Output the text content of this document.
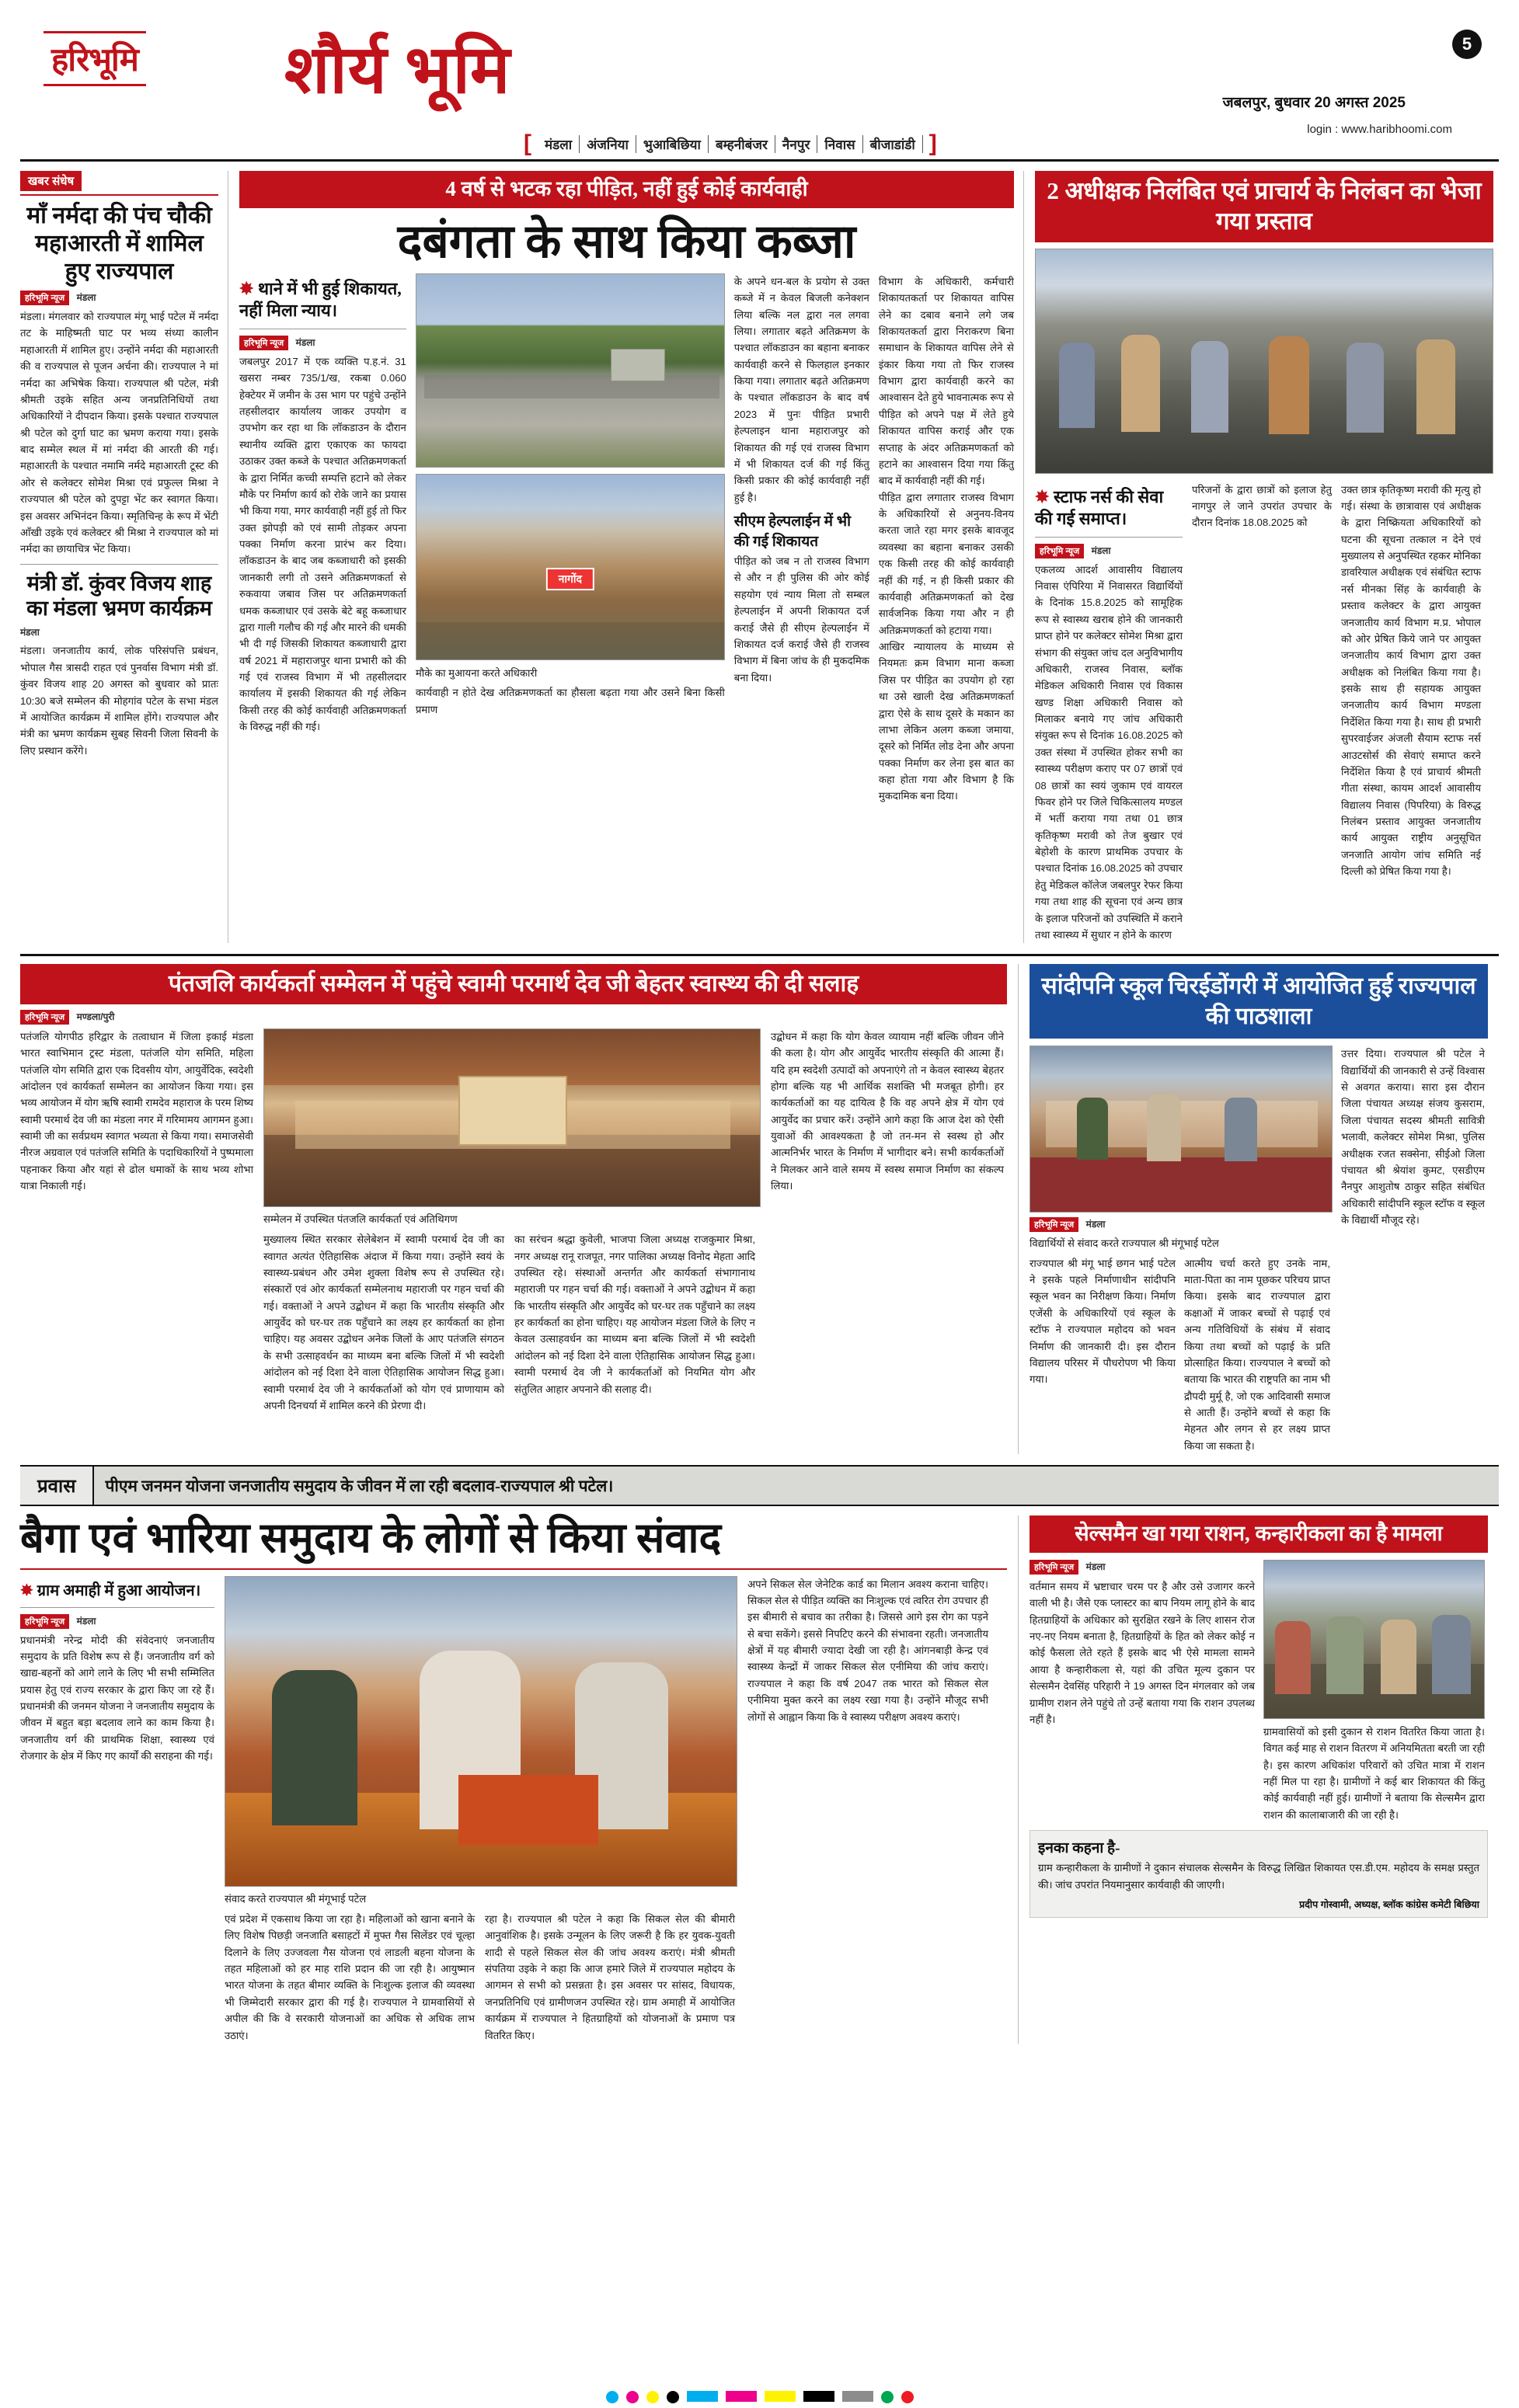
हरिभूमि शौर्य भूमि
[	मंडला	अंजनिया	भुआबिछिया	बम्हनीबंजर	नैनपुर	निवास	बीजाडांडी ]
जबलपुर, बुधवार 20 अगस्त 2025
login : www.haribhoomi.com
5
खबर संधेष
माँ नर्मदा की पंच चौकी महाआरती में शामिल हुए राज्यपाल
हरिभूमि न्यूज मंडला
मंडला। मंगलवार को राज्यपाल मंगू भाई पटेल में नर्मदा तट के माहिष्मती घाट पर भव्य संध्या कालीन महाआरती में शामिल हुए। उन्होंने नर्मदा की महाआरती की व राज्यपाल से पूजन अर्चना की। राज्यपाल ने मां नर्मदा का अभिषेक किया। राज्यपाल श्री पटेल, मंत्री श्रीमती उइके सहित अन्य जनप्रतिनिधियों तथा अधिकारियों ने दीपदान किया। इसके पश्चात राज्यपाल श्री पटेल को दुर्गा घाट का भ्रमण कराया गया। इसके बाद सम्मेल स्थल में मां नर्मदा की आरती की गई। महाआरती के पश्चात नमामि नर्मदे महाआरती टूस्ट की ओर से कलेक्टर सोमेश मिश्रा एवं प्रफुल्ल मिश्रा ने राज्यपाल श्री पटेल को दुपट्टा भेंट कर स्वागत किया। इस अवसर अभिनंदन किया। स्मृतिचिन्ह के रूप में भेंटी आँखी उइके एवं कलेक्टर श्री मिश्रा ने राज्यपाल को मां नर्मदा का छायाचित्र भेंट किया।
मंत्री डॉ. कुंवर विजय शाह का मंडला भ्रमण कार्यक्रम
मंडला
मंडला। जनजातीय कार्य, लोक परिसंपत्ति प्रबंधन, भोपाल गैस त्रासदी राहत एवं पुनर्वास विभाग मंत्री डॉ. कुंवर विजय शाह 20 अगस्त को बुधवार को प्रातः 10:30 बजे सम्मेलन की मोहगांव पटेल के सभा मंडल में आयोजित कार्यक्रम में शामिल होंगे। राज्यपाल और मंत्री का भ्रमण कार्यक्रम सुबह सिवनी जिला सिवनी के लिए प्रस्थान करेंगे।
4 वर्ष से भटक रहा पीड़ित, नहीं हुई कोई कार्यवाही
दबंगता के साथ किया कब्जा
✸ थाने में भी हुई शिकायत, नहीं मिला न्याय।
हरिभूमि न्यूज मंडला
जबलपुर 2017 में एक व्यक्ति प.ह.नं. 31 खसरा नम्बर 735/1/ख, रकबा 0.060 हेक्टेयर में जमीन के उस भाग पर पहुंचे उन्होंने तहसीलदार कार्यालय जाकर उपयोग व उपभोग कर रहा था कि लॉकडाउन के दौरान स्थानीय व्यक्ति द्वारा एकाएक का फायदा उठाकर उक्त कब्जे के पश्चात अतिक्रमणकर्ता के द्वारा निर्मित कच्ची सम्पत्ति हटाने को लेकर मौके पर निर्माण कार्य को रोके जाने का प्रयास भी किया गया, मगर कार्यवाही नहीं हुई तो फिर उक्त झोपड़ी को एवं सामी तोड़कर अपना पक्का निर्माण करना प्रारंभ कर दिया। लॉकडाउन के बाद जब कब्जाधारी को इसकी जानकारी लगी तो उसने अतिक्रमणकर्ता से रुकवाया जबाव जिस पर अतिक्रमणकर्ता धमक कब्जाधार एवं उसके बेटे बहू कब्जाधार द्वारा गाली गलौच की गई और मारने की धमकी भी दी गई जिसकी शिकायत कब्जाधारी द्वारा वर्ष 2021 में महाराजपुर थाना प्रभारी को की गई एवं राजस्व विभाग में भी तहसीलदार कार्यालय में इसकी शिकायत की गई लेकिन किसी तरह की कोई कार्यवाही अतिक्रमणकर्ता के विरुद्ध नहीं की गई।
नागोंद
मौके का मुआयना करते अधिकारी
कार्यवाही न होते देख अतिक्रमणकर्ता का हौसला बढ़ता गया और उसने बिना किसी प्रमाण
के अपने धन-बल के प्रयोग से उक्त कब्जे में न केवल बिजली कनेक्शन लिया बल्कि नल द्वारा नल लगवा लिया। लगातार बढ़ते अतिक्रमण के पश्चात लॉकडाउन का बहाना बनाकर कार्यवाही करने से फिलहाल इनकार किया गया। लगातार बढ़ते अतिक्रमण के पश्चात लॉकडाउन के बाद वर्ष 2023 में पुनः पीड़ित प्रभारी हेल्पलाइन थाना महाराजपुर को शिकायत की गई एवं राजस्व विभाग में भी शिकायत दर्ज की गई किंतु किसी प्रकार की कोई कार्यवाही नहीं हुई है।
सीएम हेल्पलाईन में भी की गई शिकायत
पीड़ित को जब न तो राजस्व विभाग से और न ही पुलिस की ओर कोई सहयोग एवं न्याय मिला तो सम्बल हेल्पलाईन में अपनी शिकायत दर्ज कराई जैसे ही सीएम हेल्पलाईन में शिकायत दर्ज कराई जैसे ही राजस्व विभाग में बिना जांच के ही मुकदमिक बना दिया।
विभाग के अधिकारी, कर्मचारी शिकायतकर्ता पर शिकायत वापिस लेने का दबाव बनाने लगे जब शिकायतकर्ता द्वारा निराकरण बिना समाधान के शिकायत वापिस लेने से इंकार किया गया तो फिर राजस्व विभाग द्वारा कार्यवाही करने का आश्वासन देते हुये भावनात्मक रूप से पीड़ित को अपने पक्ष में लेते हुये शिकायत वापिस कराई और एक सप्ताह के अंदर अतिक्रमणकर्ता को हटाने का आश्वासन दिया गया किंतु बाद में कार्यवाही नहीं की गई।
पीड़ित द्वारा लगातार राजस्व विभाग के अधिकारियों से अनुनय-विनय करता जाते रहा मगर इसके बावजूद व्यवस्था का बहाना बनाकर उसकी एक किसी तरह की कोई कार्यवाही नहीं की गई, न ही किसी प्रकार की कार्यवाही अतिक्रमणकर्ता को देख सार्वजनिक किया गया और न ही अतिक्रमणकर्ता को हटाया गया।
आखिर न्यायालय के माध्यम से नियमतः क्रम विभाग माना कब्जा जिस पर पीड़ित का उपयोग हो रहा था उसे खाली देख अतिक्रमणकर्ता द्वारा ऐसे के साथ दूसरे के मकान का लाभा लेकिन अलग कब्जा जमाया, दूसरे को निर्मित लोड देना और अपना पक्का निर्माण कर लेना इस बात का कहा होता गया और विभाग है कि मुकदामिक बना दिया।
2 अधीक्षक निलंबित एवं प्राचार्य के निलंबन का भेजा गया प्रस्ताव
✸ स्टाफ नर्स की सेवा की गई समाप्त।
हरिभूमि न्यूज मंडला
एकलव्य आदर्श आवासीय विद्यालय निवास एंपिरिया में निवासरत विद्यार्थियों के दिनांक 15.8.2025 को सामूहिक रूप से स्वास्थ्य खराब होने की जानकारी प्राप्त होने पर कलेक्टर सोमेश मिश्रा द्वारा संभाग की संयुक्त जांच दल अनुविभागीय अधिकारी, राजस्व निवास, ब्लॉक मेडिकल अधिकारी निवास एवं विकास खण्ड शिक्षा अधिकारी निवास को मिलाकर बनाये गए जांच अधिकारी संयुक्त रूप से दिनांक 16.08.2025 को उक्त संस्था में उपस्थित होकर सभी का स्वास्थ्य परीक्षण कराए पर 07 छात्रों एवं 08 छात्रों का स्वयं जुकाम एवं वायरल फिवर होने पर जिले चिकित्सालय मण्डल में भर्ती कराया गया तथा 01 छात्र कृतिकृष्ण मरावी को तेज बुखार एवं बेहोशी के कारण प्राथमिक उपचार के पश्चात दिनांक 16.08.2025 को उपचार हेतु मेडिकल कॉलेज जबलपुर रेफर किया गया तथा शाह की सूचना एवं अन्य छात्र के इलाज परिजनों को उपस्थिति में कराने तथा स्वास्थ्य में सुधार न होने के कारण
परिजनों के द्वारा छात्रों को इलाज हेतु नागपुर ले जाने उपरांत उपचार के दौरान दिनांक 18.08.2025 को
उक्त छात्र कृतिकृष्ण मरावी की मृत्यु हो गई। संस्था के छात्रावास एवं अधीक्षक के द्वारा निष्क्रियता अधिकारियों को घटना की सूचना तत्काल न देने एवं मुख्यालय से अनुपस्थित रहकर मोनिका डावरियाल अधीक्षक एवं संबंधित स्टाफ नर्स मीनका सिंह के कार्यवाही के प्रस्ताव कलेक्टर के द्वारा आयुक्त जनजातीय कार्य विभाग म.प्र. भोपाल को ओर प्रेषित किये जाने पर आयुक्त जनजातीय कार्य विभाग द्वारा उक्त अधीक्षक को निलंबित किया गया है। इसके साथ ही सहायक आयुक्त जनजातीय कार्य विभाग मण्डला निर्देशित किया गया है। साथ ही प्रभारी सुपरवाईजर अंजली सैयाम स्टाफ नर्स आउटसोर्स की सेवाएं समाप्त करने निर्देशित किया है एवं प्राचार्य श्रीमती गीता संस्था, कायम आदर्श आवासीय विद्यालय निवास (पिपरिया) के विरुद्ध निलंबन प्रस्ताव आयुक्त जनजातीय कार्य आयुक्त राष्ट्रीय अनुसूचित जनजाति आयोग जांच समिति नई दिल्ली को प्रेषित किया गया है।
पंतजलि कार्यकर्ता सम्मेलन में पहुंचे स्वामी परमार्थ देव जी बेहतर स्वास्थ्य की दी सलाह
हरिभूमि न्यूज मण्डला/पुरी
पतंजलि योगपीठ हरिद्वार के तत्वाधान में जिला इकाई मंडला भारत स्वाभिमान ट्रस्ट मंडला, पतंजलि योग समिति, महिला पतंजलि योग समिति द्वारा एक दिवसीय योग, आयुर्वेदिक, स्वदेशी आंदोलन एवं कार्यकर्ता सम्मेलन का आयोजन किया गया। इस भव्य आयोजन में योग ऋषि स्वामी रामदेव महाराज के परम शिष्य स्वामी परमार्थ देव जी का मंडला नगर में गरिमामय आगमन हुआ। स्वामी जी का सर्वप्रथम स्वागत भव्यता से किया गया। समाजसेवी नीरज अग्रवाल एवं पतंजलि समिति के पदाधिकारियों ने पुष्पमाला पहनाकर किया और यहां से ढोल धमाकों के साथ भव्य शोभा यात्रा निकाली गई।
सम्मेलन में उपस्थित पंतजलि कार्यकर्ता एवं अतिथिगण
मुख्यालय स्थित सरकार सेलेबेशन में स्वामी परमार्थ देव जी का स्वागत अत्यंत ऐतिहासिक अंदाज में किया गया। उन्होंने स्वयं के स्वास्थ्य-प्रबंधन और उमेश शुक्ला विशेष रूप से उपस्थित रहे। संस्कारों एवं ओर कार्यकर्ता सम्मेलनाथ महाराजी पर गहन चर्चा की गई। वक्ताओं ने अपने उद्बोधन में कहा कि भारतीय संस्कृति और आयुर्वेद को घर-घर तक पहुँचाने का लक्ष्य हर कार्यकर्ता का होना चाहिए। यह अवसर उद्बोधन अनेक जिलों के आए पतंजलि संगठन के सभी उत्साहवर्धन का माध्यम बना बल्कि जिलों में भी स्वदेशी आंदोलन को नई दिशा देने वाला ऐतिहासिक आयोजन सिद्ध हुआ। स्वामी परमार्थ देव जी ने कार्यकर्ताओं को योग एवं प्राणायाम को अपनी दिनचर्या में शामिल करने की प्रेरणा दी।
का सरंचन श्रद्धा कुवेली, भाजपा जिला अध्यक्ष राजकुमार मिश्रा, नगर अध्यक्ष रानू राजपूत, नगर पालिका अध्यक्ष विनोद मेहता आदि उपस्थित रहे। संस्थाओं अन्तर्गत और कार्यकर्ता संभागानाथ महाराजी पर गहन चर्चा की गई। वक्ताओं ने अपने उद्बोधन में कहा कि भारतीय संस्कृति और आयुर्वेद को घर-घर तक पहुँचाने का लक्ष्य हर कार्यकर्ता का होना चाहिए। यह आयोजन मंडला जिले के लिए न केवल उत्साहवर्धन का माध्यम बना बल्कि जिलों में भी स्वदेशी आंदोलन को नई दिशा देने वाला ऐतिहासिक आयोजन सिद्ध हुआ। स्वामी परमार्थ देव जी ने कार्यकर्ताओं को नियमित योग और संतुलित आहार अपनाने की सलाह दी।
उद्बोधन में कहा कि योग केवल व्यायाम नहीं बल्कि जीवन जीने की कला है। योग और आयुर्वेद भारतीय संस्कृति की आत्मा हैं। यदि हम स्वदेशी उत्पादों को अपनाएंगे तो न केवल स्वास्थ्य बेहतर होगा बल्कि यह भी आर्थिक सशक्ति भी मजबूत होगी। हर कार्यकर्ताओं का यह दायित्व है कि वह अपने क्षेत्र में योग एवं आयुर्वेद का प्रचार करें। उन्होंने आगे कहा कि आज देश को ऐसी युवाओं की आवश्यकता है जो तन-मन से स्वस्थ हो और आत्मनिर्भर भारत के निर्माण में भागीदार बने। सभी कार्यकर्ताओं ने मिलकर आने वाले समय में स्वस्थ समाज निर्माण का संकल्प लिया।
सांदीपनि स्कूल चिरईडोंगरी में आयोजित हुई राज्यपाल की पाठशाला
हरिभूमि न्यूज मंडला
विद्यार्थियों से संवाद करते राज्यपाल श्री मंगूभाई पटेल
राज्यपाल श्री मंगू भाई छगन भाई पटेल ने इसके पहले निर्माणाधीन सांदीपनि स्कूल भवन का निरीक्षण किया। निर्माण एजेंसी के अधिकारियों एवं स्कूल के स्टॉफ ने राज्यपाल महोदय को भवन निर्माण की जानकारी दी। इस दौरान विद्यालय परिसर में पौधरोपण भी किया गया।
आत्मीय चर्चा करते हुए उनके नाम, माता-पिता का नाम पूछकर परिचय प्राप्त किया। इसके बाद राज्यपाल द्वारा कक्षाओं में जाकर बच्चों से पढ़ाई एवं अन्य गतिविधियों के संबंध में संवाद किया तथा बच्चों को पढ़ाई के प्रति प्रोत्साहित किया। राज्यपाल ने बच्चों को बताया कि भारत की राष्ट्रपति का नाम भी द्रौपदी मुर्मू है, जो एक आदिवासी समाज से आती हैं। उन्होंने बच्चों से कहा कि मेहनत और लगन से हर लक्ष्य प्राप्त किया जा सकता है।
उत्तर दिया। राज्यपाल श्री पटेल ने विद्यार्थियों की जानकारी से उन्हें विश्वास से अवगत कराया। सारा इस दौरान जिला पंचायत अध्यक्ष संजय कुसराम, जिला पंचायत सदस्य श्रीमती सावित्री भलावी, कलेक्टर सोमेश मिश्रा, पुलिस अधीक्षक रजत सक्सेना, सीईओ जिला पंचायत श्री श्रेयांश कुमट, एसडीएम नैनपुर आशुतोष ठाकुर सहित संबंधित अधिकारी सांदीपनि स्कूल स्टॉफ व स्कूल के विद्यार्थी मौजूद रहे।
प्रवास	पीएम जनमन योजना जनजातीय समुदाय के जीवन में ला रही बदलाव-राज्यपाल श्री पटेल।
बैगा एवं भारिया समुदाय के लोगों से किया संवाद
✸ ग्राम अमाही में हुआ आयोजन।
हरिभूमि न्यूज मंडला
प्रधानमंत्री नरेन्द्र मोदी की संवेदनाएं जनजातीय समुदाय के प्रति विशेष रूप से हैं। जनजातीय वर्ग को खाद्य-बहनों को आगे लाने के लिए भी सभी सम्मिलित प्रयास हेतु एवं राज्य सरकार के द्वारा किए जा रहे हैं। प्रधानमंत्री की जनमन योजना ने जनजातीय समुदाय के जीवन में बहुत बड़ा बदलाव लाने का काम किया है। जनजातीय वर्ग की प्राथमिक शिक्षा, स्वास्थ्य एवं रोजगार के क्षेत्र में किए गए कार्यों की सराहना की गई।
संवाद करते राज्यपाल श्री मंगूभाई पटेल
एवं प्रदेश में एकसाथ किया जा रहा है। महिलाओं को खाना बनाने के लिए विशेष पिछड़ी जनजाति बसाहटों में मुफ्त गैस सिलेंडर एवं चूल्हा दिलाने के लिए उज्जवला गैस योजना एवं लाडली बहना योजना के तहत महिलाओं को हर माह राशि प्रदान की जा रही है। आयुष्मान भारत योजना के तहत बीमार व्यक्ति के निःशुल्क इलाज की व्यवस्था भी जिम्मेदारी सरकार द्वारा की गई है। राज्यपाल ने ग्रामवासियों से अपील की कि वे सरकारी योजनाओं का अधिक से अधिक लाभ उठाएं।
रहा है। राज्यपाल श्री पटेल ने कहा कि सिकल सेल की बीमारी आनुवांशिक है। इसके उन्मूलन के लिए जरूरी है कि हर युवक-युवती शादी से पहले सिकल सेल की जांच अवश्य कराएं। मंत्री श्रीमती संपतिया उइके ने कहा कि आज हमारे जिले में राज्यपाल महोदय के आगमन से सभी को प्रसन्नता है। इस अवसर पर सांसद, विधायक, जनप्रतिनिधि एवं ग्रामीणजन उपस्थित रहे। ग्राम अमाही में आयोजित कार्यक्रम में राज्यपाल ने हितग्राहियों को योजनाओं के प्रमाण पत्र वितरित किए।
अपने सिकल सेल जेनेटिक कार्ड का मिलान अवश्य कराना चाहिए। सिकल सेल से पीड़ित व्यक्ति का निःशुल्क एवं त्वरित रोग उपचार ही इस बीमारी से बचाव का तरीका है। जिससे आगे इस रोग का पड़ने से बचा सकेंगे। इससे निपटिए करने की संभावना रहती। जनजातीय क्षेत्रों में यह बीमारी ज्यादा देखी जा रही है। आंगनबाड़ी केन्द्र एवं स्वास्थ्य केन्द्रों में जाकर सिकल सेल एनीमिया की जांच कराएं। राज्यपाल ने कहा कि वर्ष 2047 तक भारत को सिकल सेल एनीमिया मुक्त करने का लक्ष्य रखा गया है। उन्होंने मौजूद सभी लोगों से आह्वान किया कि वे स्वास्थ्य परीक्षण अवश्य कराएं।
सेल्समैन खा गया राशन, कन्हारीकला का है मामला
हरिभूमि न्यूज मंडला
वर्तमान समय में भ्रष्टाचार चरम पर है और उसे उजागर करने वाली भी है। जैसे एक प्लास्टर का बाप नियम लागू होने के बाद हितग्राहियों के अधिकार को सुरक्षित रखने के लिए शासन रोज नए-नए नियम बनाता है, हितग्राहियों के हित को लेकर कोई न कोई फैसला लेते रहते हैं इसके बाद भी ऐसे मामला सामने आया है कन्हारीकला से, यहां की उचित मूल्य दुकान पर सेल्समैन देवसिंह परिहारी ने 19 अगस्त दिन मंगलवार को जब ग्रामीण राशन लेने पहुंचे तो उन्हें बताया गया कि राशन उपलब्ध नहीं है।
ग्रामवासियों को इसी दुकान से राशन वितरित किया जाता है। विगत कई माह से राशन वितरण में अनियमितता बरती जा रही है। इस कारण अधिकांश परिवारों को उचित मात्रा में राशन नहीं मिल पा रहा है। ग्रामीणों ने कई बार शिकायत की किंतु कोई कार्यवाही नहीं हुई। ग्रामीणों ने बताया कि सेल्समैन द्वारा राशन की कालाबाजारी की जा रही है।
इनका कहना है-
ग्राम कन्हारीकला के ग्रामीणों ने दुकान संचालक सेल्समैन के विरुद्ध लिखित शिकायत एस.डी.एम. महोदय के समक्ष प्रस्तुत की। जांच उपरांत नियमानुसार कार्यवाही की जाएगी।
प्रदीप गोस्वामी, अध्यक्ष, ब्लॉक कांग्रेस कमेटी बिछिया
